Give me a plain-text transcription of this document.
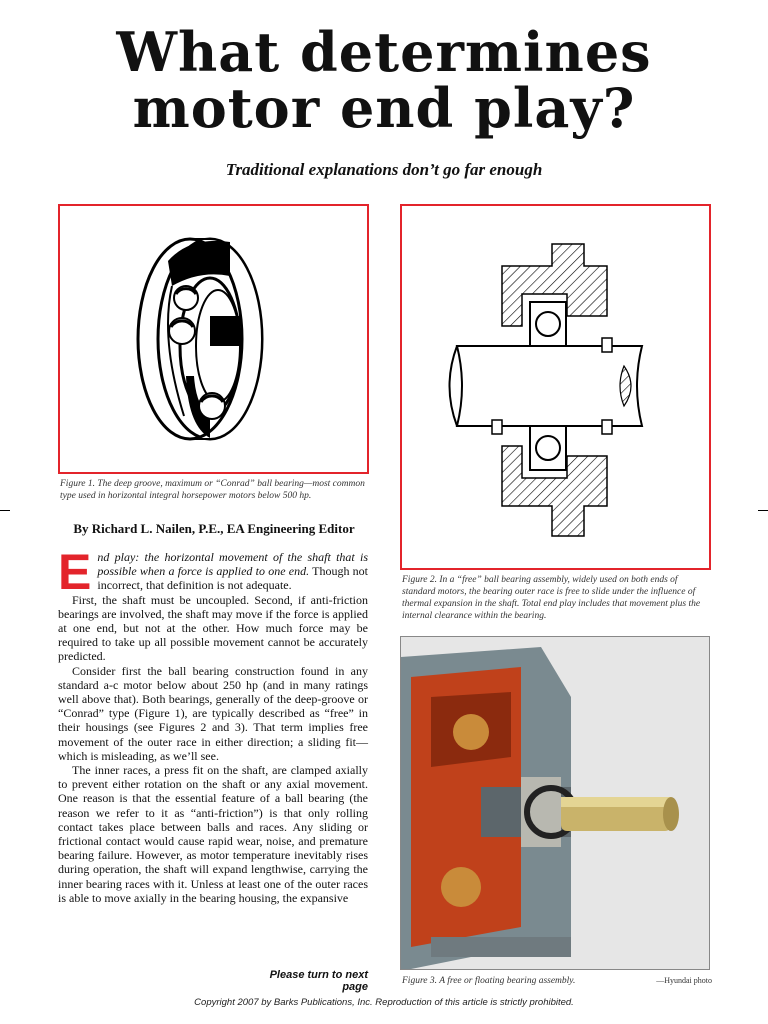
What determines
motor end play?
Traditional explanations don’t go far enough
Figure 1. The deep groove, maximum or “Conrad” ball bearing—most common type used in horizontal integral horsepower motors below 500 hp.
Figure 2. In a “free” ball bearing assembly, widely used on both ends of standard motors, the bearing outer race is free to slide under the influence of thermal expansion in the shaft. Total end play includes that movement plus the internal clearance within the bearing.
Figure 3. A free or floating bearing assembly.	—Hyundai photo
By Richard L. Nailen, P.E., EA Engineering Editor

End play: the horizontal movement of the shaft that is possible when a force is applied to one end. Though not incorrect, that definition is not adequate.

First, the shaft must be uncoupled. Second, if anti-friction bearings are involved, the shaft may move if the force is applied at one end, but not at the other. How much force may be required to take up all possible movement cannot be accurately predicted.

Consider first the ball bearing construction found in any standard a-c motor below about 250 hp (and in many ratings well above that). Both bearings, generally of the deep-groove or “Conrad” type (Figure 1), are typically described as “free” in their housings (see Figures 2 and 3). That term implies free movement of the outer race in either direction; a sliding fit—which is misleading, as we’ll see.

The inner races, a press fit on the shaft, are clamped axially to prevent either rotation on the shaft or any axial movement. One reason is that the essential feature of a ball bearing (the reason we refer to it as “anti-friction”) is that only rolling contact takes place between balls and races. Any sliding or frictional contact would cause rapid wear, noise, and premature bearing failure. However, as motor temperature inevitably rises during operation, the shaft will expand lengthwise, carrying the inner bearing races with it. Unless at least one of the outer races is able to move axially in the bearing housing, the expansive

Please turn to next page
Copyright 2007 by Barks Publications, Inc. Reproduction of this article is strictly prohibited.
